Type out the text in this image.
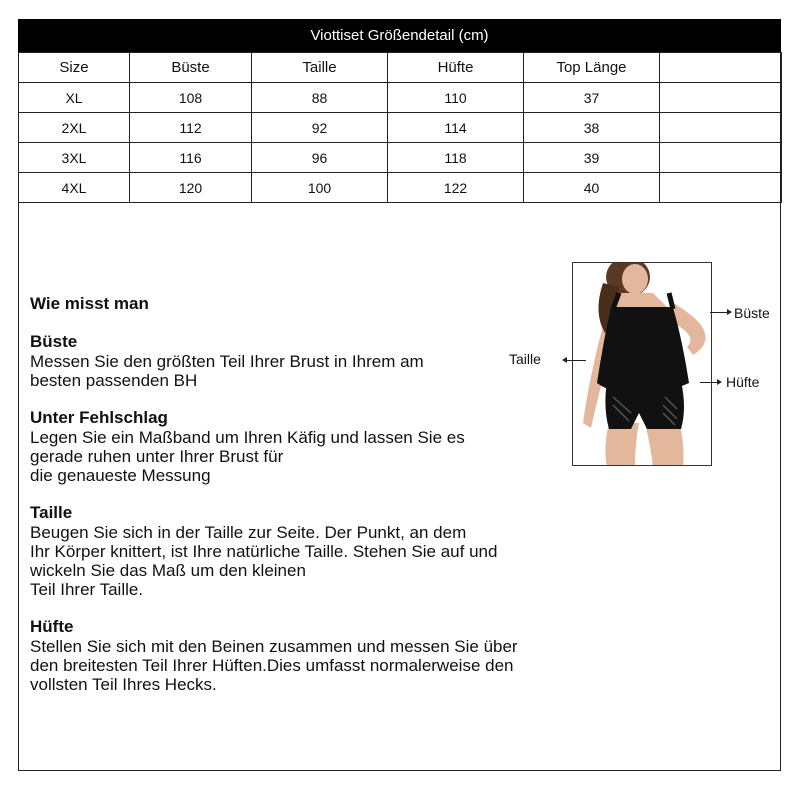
Viottiset Größendetail (cm)
Size	Büste	Taille	Hüfte	Top Länge	
XL	108	88	110	37	
2XL	112	92	114	38	
3XL	116	96	118	39	
4XL	120	100	122	40	
Wie misst man
Büste

Messen Sie den größten Teil Ihrer Brust in Ihrem am
besten passenden BH

Unter Fehlschlag

Legen Sie ein Maßband um Ihren Käfig und lassen Sie es
gerade ruhen unter Ihrer Brust für
die genaueste Messung

Taille

Beugen Sie sich in der Taille zur Seite. Der Punkt, an dem
Ihr Körper knittert, ist Ihre natürliche Taille. Stehen Sie auf und
wickeln Sie das Maß um den kleinen
Teil Ihrer Taille.

Hüfte

Stellen Sie sich mit den Beinen zusammen und messen Sie über
den breitesten Teil Ihrer Hüften.Dies umfasst normalerweise den
vollsten Teil Ihres Hecks.

Büste
Taille
Hüfte
